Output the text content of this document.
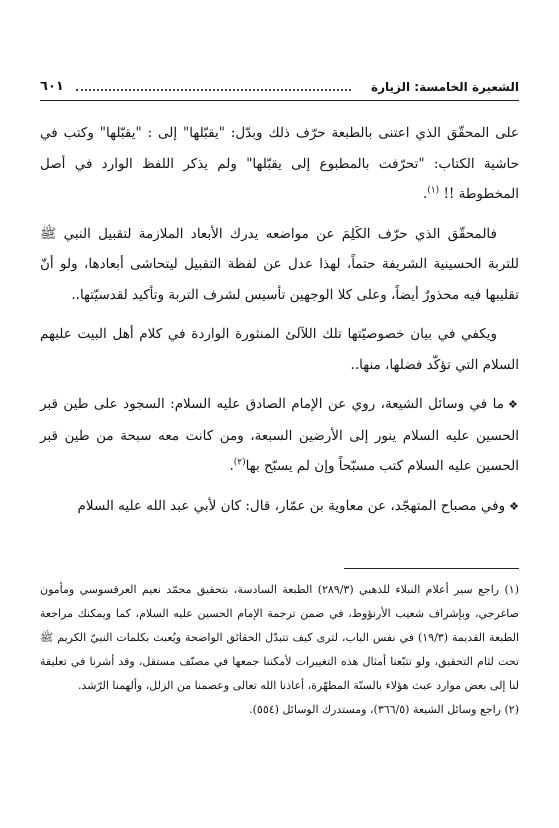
الشعيرة الخامسة: الزيارة
٦٠١

على المحقّق الذي اعتنى بالطبعة حرّف ذلك وبدّل: "يقبّلها" إلى : "يقبّلها" وكتب في حاشية الكتاب: "تحرّفت بالمطبوع إلى يقبّلها" ولم يذكر اللفظ الوارد في أصل المخطوطة !! $^{(١)}$.

فالمحقّق الذي حرّف الكَلِمَ عن مواضعه يدرك الأبعاد الملازمة لتقبيل النبي ﷺ للتربة الحسينية الشريفة حتماً، لهذا عدل عن لفظة التقبيل ليتحاشى أبعادها، ولو أنّ تقليبها فيه محذورٌ أيضاً، وعلى كلا الوجهين تأسيس لشرف التربة وتأكيد لقدسيّتها..

ويكفي في بيان خصوصيّتها تلك اللآلئ المنثورة الواردة في كلام أهل البيت عليهم السلام التي تؤكّد فضلها، منها..

❖ما في وسائل الشيعة، روي عن الإمام الصادق عليه السلام: السجود على طين قبر الحسين عليه السلام ينور إلى الأرضين السبعة، ومن كانت معه سبحة من طين قبر الحسين عليه السلام كتب مسبّحاً وإن لم يسبّح بها$^{(٢)}$.

❖وفي مصباح المتهجّد، عن معاوية بن عمّار، قال: كان لأبي عبد الله عليه السلام

(١) راجع سير أعلام النبلاء للذهبي (٢٨٩/٣) الطبعة السادسة، بتحقيق محمّد نعيم العرقسوسي ومأمون صاغرجي، وبإشراف شعيب الأرنؤوط، في ضمن ترجمة الإمام الحسين عليه السلام، كما ويمكنك مراجعة الطبعة القديمة (١٩/٣) في نفس الباب، لترى كيف تتبدّل الحقائق الواضحة ويُعبث بكلمات النبيّ الكريم ﷺ تحت لثام التحقيق، ولو تتبّعنا أمثال هذه التغييرات لأمكننا جمعها في مصنّف مستقل، وقد أشرنا في تعليقة لنا إلى بعض موارد عبث هؤلاء بالسنّة المطهّرة، أعاذنا الله تعالى وعصمنا من الزلل، وألهمنا الرّشد.

(٢) راجع وسائل الشيعة (٣٦٦/٥)، ومستدرك الوسائل (٥٥٤).
